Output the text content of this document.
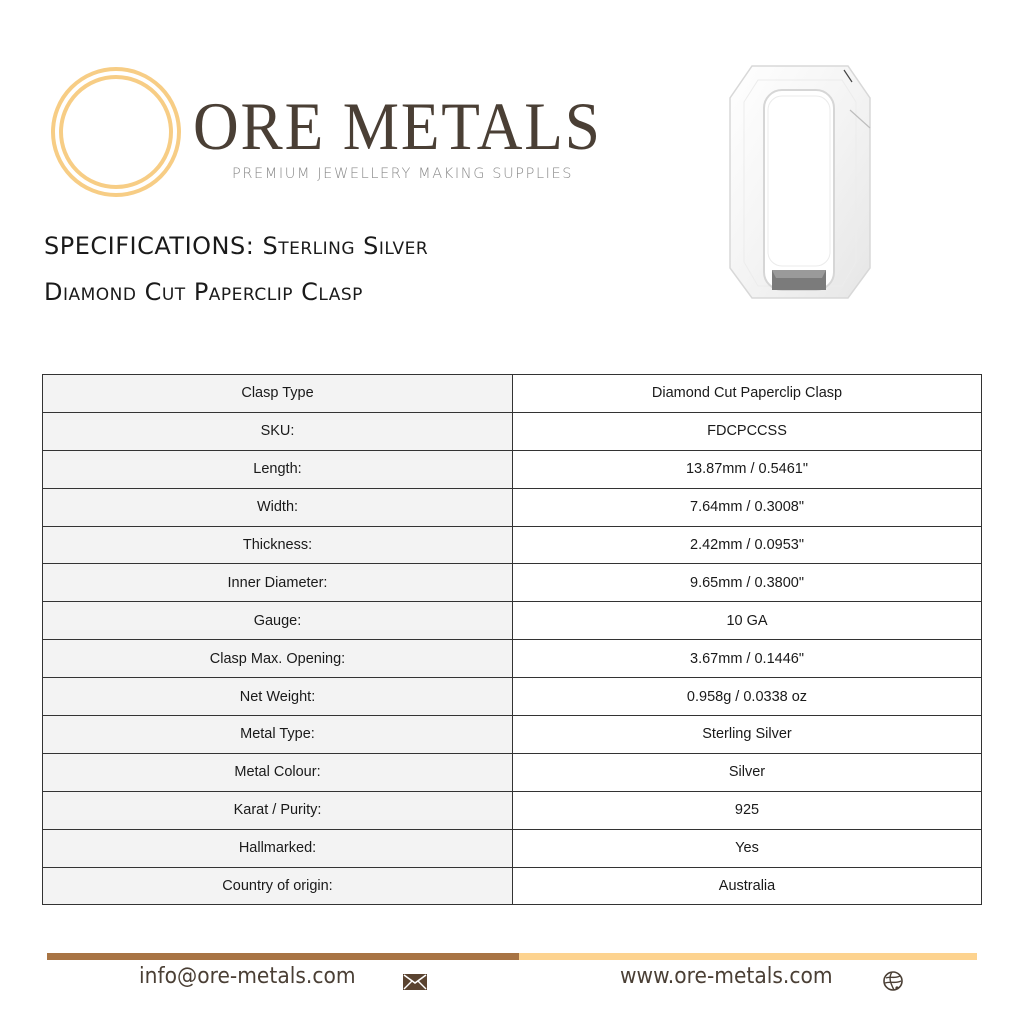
ORE METALS
PREMIUM JEWELLERY MAKING SUPPLIES
SPECIFICATIONS: Sterling Silver
Diamond Cut Paperclip Clasp
Clasp Type	Diamond Cut Paperclip Clasp
SKU:	FDCPCCSS
Length:	13.87mm / 0.5461"
Width:	7.64mm / 0.3008"
Thickness:	2.42mm / 0.0953"
Inner Diameter:	9.65mm / 0.3800"
Gauge:	10 GA
Clasp Max. Opening:	3.67mm / 0.1446"
Net Weight:	0.958g / 0.0338 oz
Metal Type:	Sterling Silver
Metal Colour:	Silver
Karat / Purity:	925
Hallmarked:	Yes
Country of origin:	Australia
info@ore-metals.com	www.ore-metals.com
